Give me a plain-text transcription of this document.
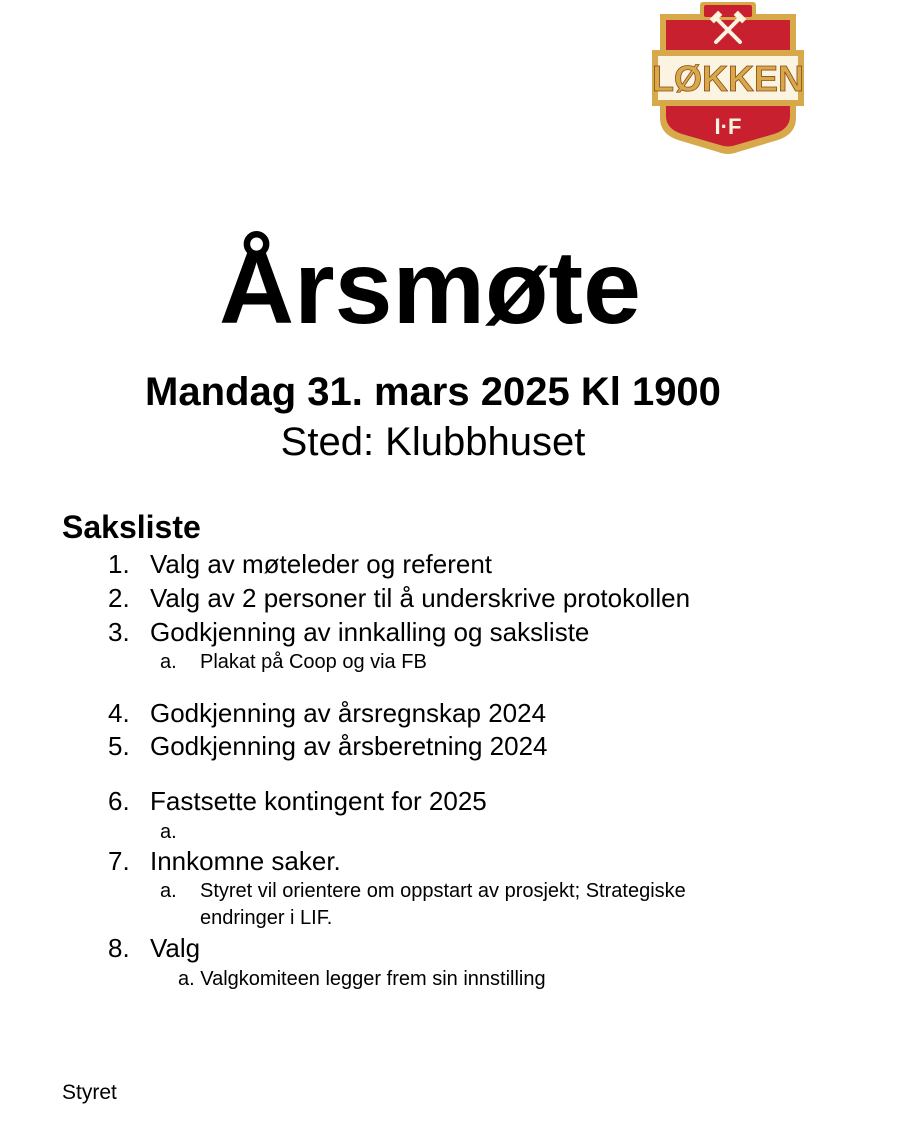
LØKKEN
I·F
Årsmøte
Mandag 31. mars 2025 Kl 1900
Sted: Klubbhuset
Saksliste
1. Valg av møteleder og referent
2. Valg av 2 personer til å underskrive protokollen
3. Godkjenning av innkalling og saksliste
a. Plakat på Coop og via FB
4. Godkjenning av årsregnskap 2024
5. Godkjenning av årsberetning 2024
6. Fastsette kontingent for 2025
a.
7. Innkomne saker.
a. Styret vil orientere om oppstart av prosjekt; Strategiske
endringer i LIF.
8. Valg
a. Valgkomiteen legger frem sin innstilling
Styret
